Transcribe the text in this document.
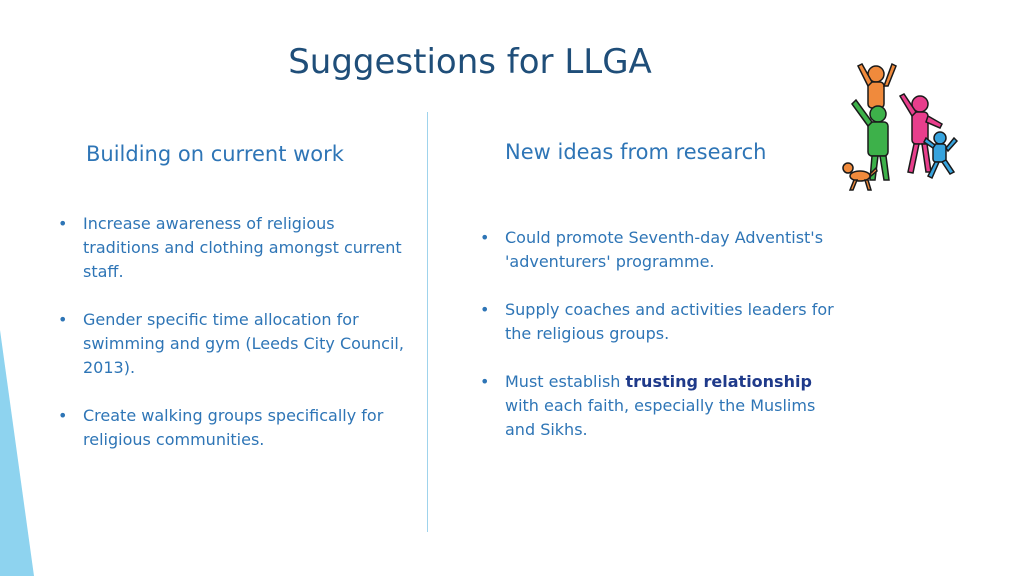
Suggestions for LLGA
Building on current work	New ideas from research
• Increase awareness of religious traditions and clothing amongst current staff.
• Gender specific time allocation for swimming and gym (Leeds City Council, 2013).
• Create walking groups specifically for religious communities.
• Could promote Seventh-day Adventist's 'adventurers' programme.
• Supply coaches and activities leaders for the religious groups.
• Must establish trusting relationship with each faith, especially the Muslims and Sikhs.
